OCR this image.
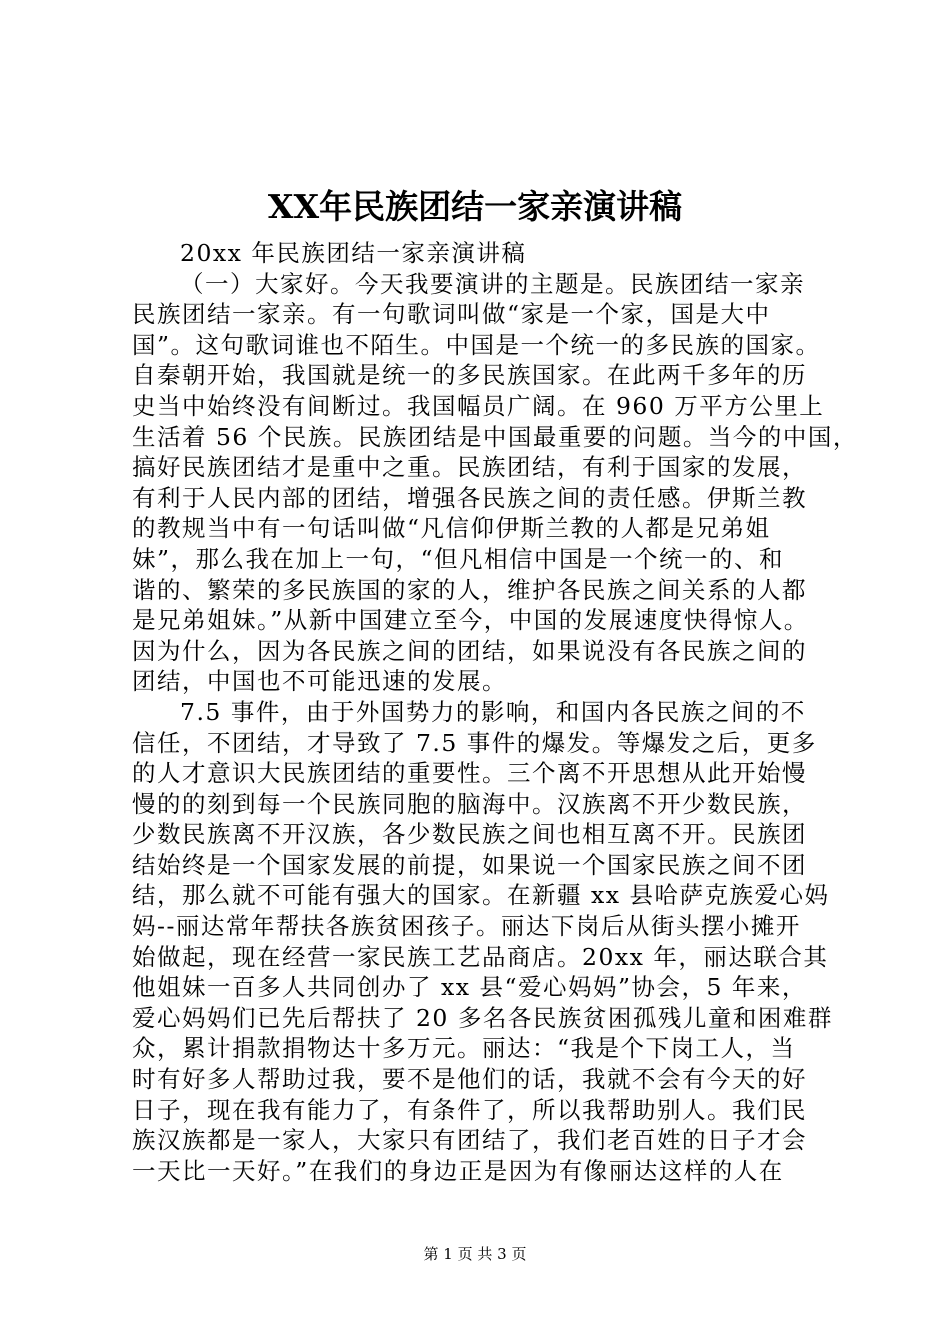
XX年民族团结一家亲演讲稿
20xx 年民族团结一家亲演讲稿
（一）大家好。今天我要演讲的主题是。民族团结一家亲
民族团结一家亲。有一句歌词叫做“家是一个家，国是大中
国”。这句歌词谁也不陌生。中国是一个统一的多民族的国家。
自秦朝开始，我国就是统一的多民族国家。在此两千多年的历
史当中始终没有间断过。我国幅员广阔。在 960 万平方公里上
生活着 56 个民族。民族团结是中国最重要的问题。当今的中国，
搞好民族团结才是重中之重。民族团结，有利于国家的发展，
有利于人民内部的团结，增强各民族之间的责任感。伊斯兰教
的教规当中有一句话叫做“凡信仰伊斯兰教的人都是兄弟姐
妹”，那么我在加上一句，“但凡相信中国是一个统一的、和
谐的、繁荣的多民族国的家的人，维护各民族之间关系的人都
是兄弟姐妹。”从新中国建立至今，中国的发展速度快得惊人。
因为什么，因为各民族之间的团结，如果说没有各民族之间的
团结，中国也不可能迅速的发展。
7.5 事件，由于外国势力的影响，和国内各民族之间的不
信任，不团结，才导致了 7.5 事件的爆发。等爆发之后，更多
的人才意识大民族团结的重要性。三个离不开思想从此开始慢
慢的的刻到每一个民族同胞的脑海中。汉族离不开少数民族，
少数民族离不开汉族，各少数民族之间也相互离不开。民族团
结始终是一个国家发展的前提，如果说一个国家民族之间不团
结，那么就不可能有强大的国家。在新疆 xx 县哈萨克族爱心妈
妈--丽达常年帮扶各族贫困孩子。丽达下岗后从街头摆小摊开
始做起，现在经营一家民族工艺品商店。20xx 年，丽达联合其
他姐妹一百多人共同创办了 xx 县“爱心妈妈”协会，5 年来，
爱心妈妈们已先后帮扶了 20 多名各民族贫困孤残儿童和困难群
众，累计捐款捐物达十多万元。丽达：“我是个下岗工人，当
时有好多人帮助过我，要不是他们的话，我就不会有今天的好
日子，现在我有能力了，有条件了，所以我帮助别人。我们民
族汉族都是一家人，大家只有团结了，我们老百姓的日子才会
一天比一天好。”在我们的身边正是因为有像丽达这样的人在
第 1 页 共 3 页
